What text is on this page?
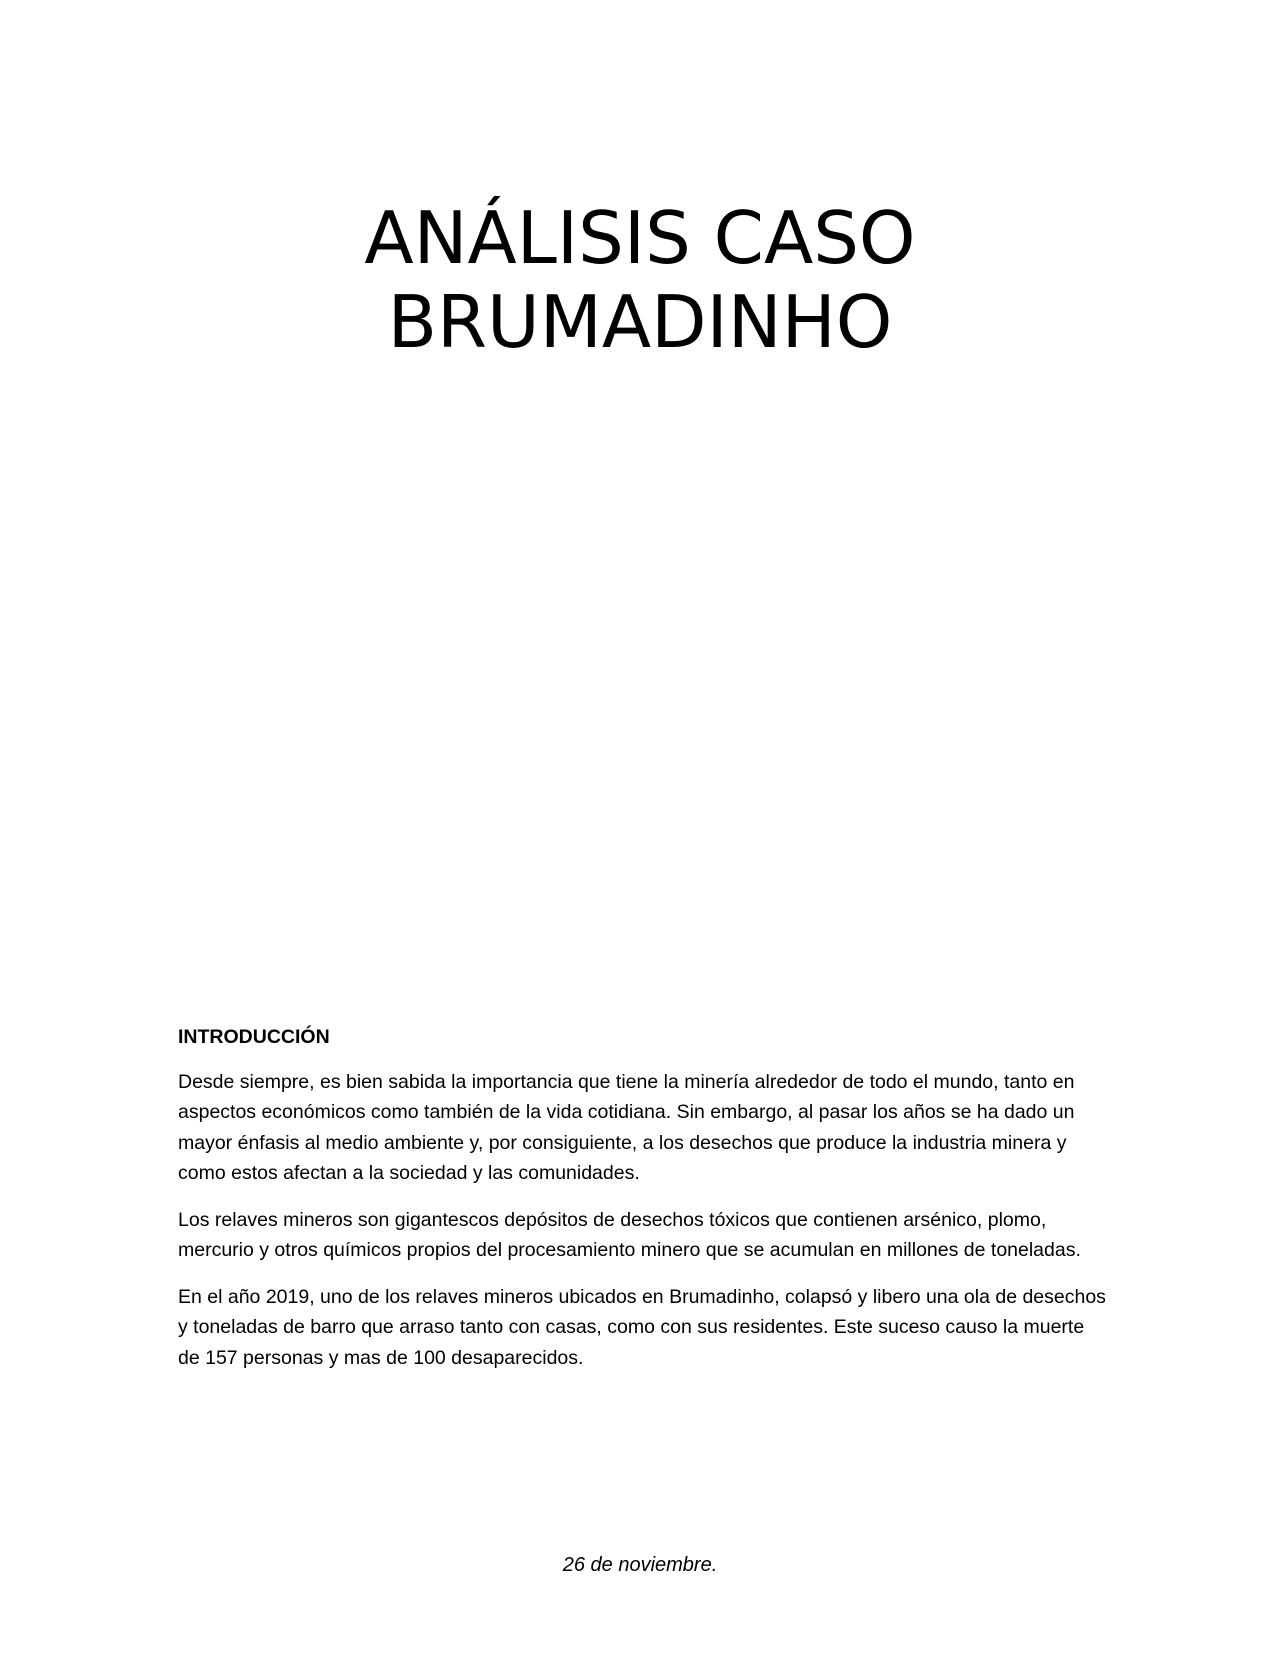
ANÁLISIS CASO
BRUMADINHO

INTRODUCCIÓN

Desde siempre, es bien sabida la importancia que tiene la minería alrededor de todo el mundo, tanto en aspectos económicos como también de la vida cotidiana. Sin embargo, al pasar los años se ha dado un mayor énfasis al medio ambiente y, por consiguiente, a los desechos que produce la industria minera y como estos afectan a la sociedad y las comunidades.

Los relaves mineros son gigantescos depósitos de desechos tóxicos que contienen arsénico, plomo, mercurio y otros químicos propios del procesamiento minero que se acumulan en millones de toneladas.

En el año 2019, uno de los relaves mineros ubicados en Brumadinho, colapsó y libero una ola de desechos y toneladas de barro que arraso tanto con casas, como con sus residentes. Este suceso causo la muerte de 157 personas y mas de 100 desaparecidos.

26 de noviembre.
